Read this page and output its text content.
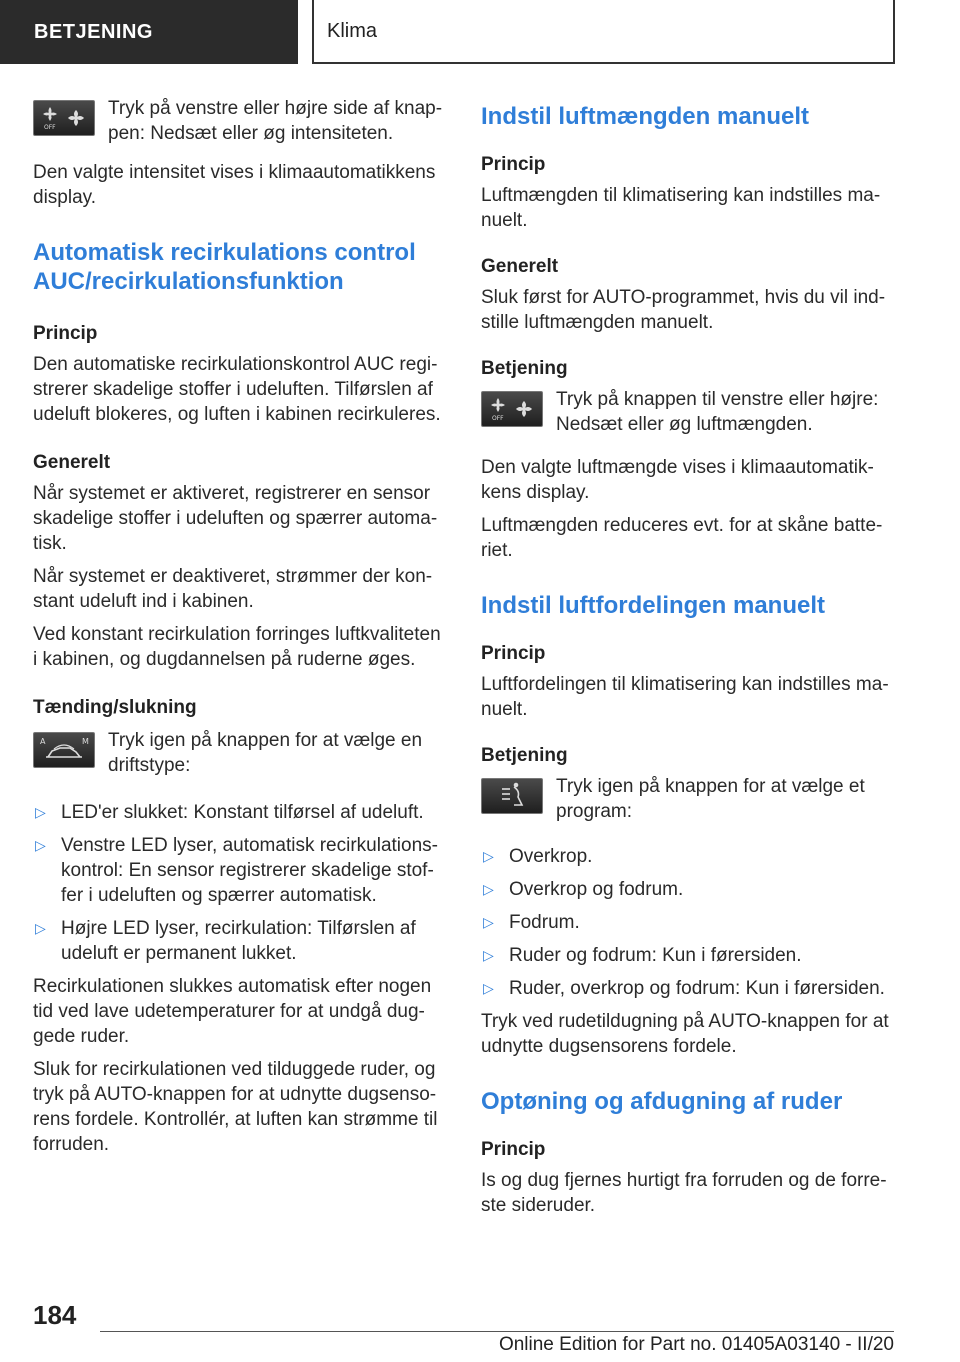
BETJENING	Klima
OFF

Tryk på venstre eller højre side af knappen: Nedsæt eller øg intensiteten.

Den valgte intensitet vises i klimaautomatikkens display.

Automatisk recirkulations control AUC/recirkulationsfunktion
Princip

Den automatiske recirkulationskontrol AUC registrerer skadelige stoffer i udeluften. Tilførslen af udeluft blokeres, og luften i kabinen recirkuleres.

Generelt

Når systemet er aktiveret, registrerer en sensor skadelige stoffer i udeluften og spærrer automatisk.

Når systemet er deaktiveret, strømmer der konstant udeluft ind i kabinen.

Ved konstant recirkulation forringes luftkvaliteten i kabinen, og dugdannelsen på ruderne øges.

Tænding/slukning
A	M Tryk igen på knappen for at vælge en driftstype:

▷ LED'er slukket: Konstant tilførsel af udeluft.
▷ Venstre LED lyser, automatisk recirkulationskontrol: En sensor registrerer skadelige stoffer i udeluften og spærrer automatisk.
▷ Højre LED lyser, recirkulation: Tilførslen af udeluft er permanent lukket.

Recirkulationen slukkes automatisk efter nogen tid ved lave udetemperaturer for at undgå duggede ruder.

Sluk for recirkulationen ved tilduggede ruder, og tryk på AUTO-knappen for at udnytte dugsensorens fordele. Kontrollér, at luften kan strømme til forruden.

Indstil luftmængden manuelt
Princip

Luftmængden til klimatisering kan indstilles manuelt.

Generelt

Sluk først for AUTO-programmet, hvis du vil indstille luftmængden manuelt.

Betjening
OFF

Tryk på knappen til venstre eller højre: Nedsæt eller øg luftmængden.

Den valgte luftmængde vises i klimaautomatikkens display.

Luftmængden reduceres evt. for at skåne batteriet.

Indstil luftfordelingen manuelt
Princip

Luftfordelingen til klimatisering kan indstilles manuelt.

Betjening

Tryk igen på knappen for at vælge et program:

▷ Overkrop.
▷ Overkrop og fodrum.
▷ Fodrum.
▷ Ruder og fodrum: Kun i førersiden.
▷ Ruder, overkrop og fodrum: Kun i førersiden.

Tryk ved rudetildugning på AUTO-knappen for at udnytte dugsensorens fordele.

Optøning og afdugning af ruder
Princip

Is og dug fjernes hurtigt fra forruden og de forreste sideruder.

184
Online Edition for Part no. 01405A03140 - II/20
